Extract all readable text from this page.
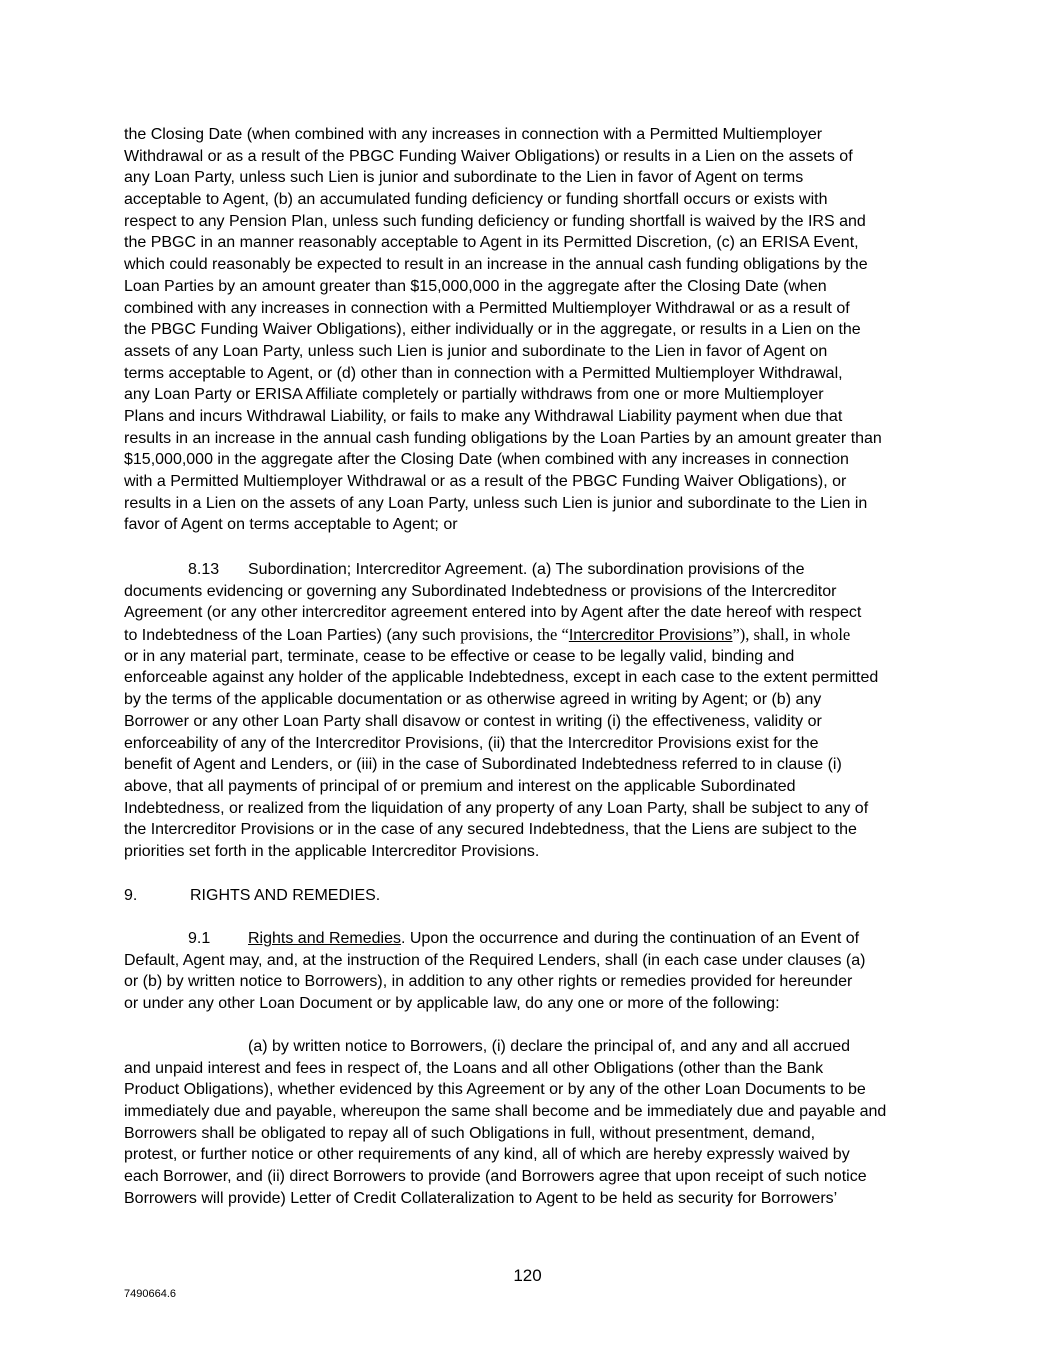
the Closing Date (when combined with any increases in connection with a Permitted Multiemployer
Withdrawal or as a result of the PBGC Funding Waiver Obligations) or results in a Lien on the assets of
any Loan Party, unless such Lien is junior and subordinate to the Lien in favor of Agent on terms
acceptable to Agent, (b) an accumulated funding deficiency or funding shortfall occurs or exists with
respect to any Pension Plan, unless such funding deficiency or funding shortfall is waived by the IRS and
the PBGC in an manner reasonably acceptable to Agent in its Permitted Discretion, (c) an ERISA Event,
which could reasonably be expected to result in an increase in the annual cash funding obligations by the
Loan Parties by an amount greater than $15,000,000 in the aggregate after the Closing Date (when
combined with any increases in connection with a Permitted Multiemployer Withdrawal or as a result of
the PBGC Funding Waiver Obligations), either individually or in the aggregate, or results in a Lien on the
assets of any Loan Party, unless such Lien is junior and subordinate to the Lien in favor of Agent on
terms acceptable to Agent, or (d) other than in connection with a Permitted Multiemployer Withdrawal,
any Loan Party or ERISA Affiliate completely or partially withdraws from one or more Multiemployer
Plans and incurs Withdrawal Liability, or fails to make any Withdrawal Liability payment when due that
results in an increase in the annual cash funding obligations by the Loan Parties by an amount greater than
$15,000,000 in the aggregate after the Closing Date (when combined with any increases in connection
with a Permitted Multiemployer Withdrawal or as a result of the PBGC Funding Waiver Obligations), or
results in a Lien on the assets of any Loan Party, unless such Lien is junior and subordinate to the Lien in
favor of Agent on terms acceptable to Agent; or
8.13 Subordination; Intercreditor Agreement. (a) The subordination provisions of the
documents evidencing or governing any Subordinated Indebtedness or provisions of the Intercreditor
Agreement (or any other intercreditor agreement entered into by Agent after the date hereof with respect
to Indebtedness of the Loan Parties) (any such provisions, the “Intercreditor Provisions”), shall, in whole
or in any material part, terminate, cease to be effective or cease to be legally valid, binding and
enforceable against any holder of the applicable Indebtedness, except in each case to the extent permitted
by the terms of the applicable documentation or as otherwise agreed in writing by Agent; or (b) any
Borrower or any other Loan Party shall disavow or contest in writing (i) the effectiveness, validity or
enforceability of any of the Intercreditor Provisions, (ii) that the Intercreditor Provisions exist for the
benefit of Agent and Lenders, or (iii) in the case of Subordinated Indebtedness referred to in clause (i)
above, that all payments of principal of or premium and interest on the applicable Subordinated
Indebtedness, or realized from the liquidation of any property of any Loan Party, shall be subject to any of
the Intercreditor Provisions or in the case of any secured Indebtedness, that the Liens are subject to the
priorities set forth in the applicable Intercreditor Provisions.
9.	RIGHTS AND REMEDIES.
9.1 Rights and Remedies. Upon the occurrence and during the continuation of an Event of
Default, Agent may, and, at the instruction of the Required Lenders, shall (in each case under clauses (a)
or (b) by written notice to Borrowers), in addition to any other rights or remedies provided for hereunder
or under any other Loan Document or by applicable law, do any one or more of the following:
(a) by written notice to Borrowers, (i) declare the principal of, and any and all accrued
and unpaid interest and fees in respect of, the Loans and all other Obligations (other than the Bank
Product Obligations), whether evidenced by this Agreement or by any of the other Loan Documents to be
immediately due and payable, whereupon the same shall become and be immediately due and payable and
Borrowers shall be obligated to repay all of such Obligations in full, without presentment, demand,
protest, or further notice or other requirements of any kind, all of which are hereby expressly waived by
each Borrower, and (ii) direct Borrowers to provide (and Borrowers agree that upon receipt of such notice
Borrowers will provide) Letter of Credit Collateralization to Agent to be held as security for Borrowers’
120
7490664.6
